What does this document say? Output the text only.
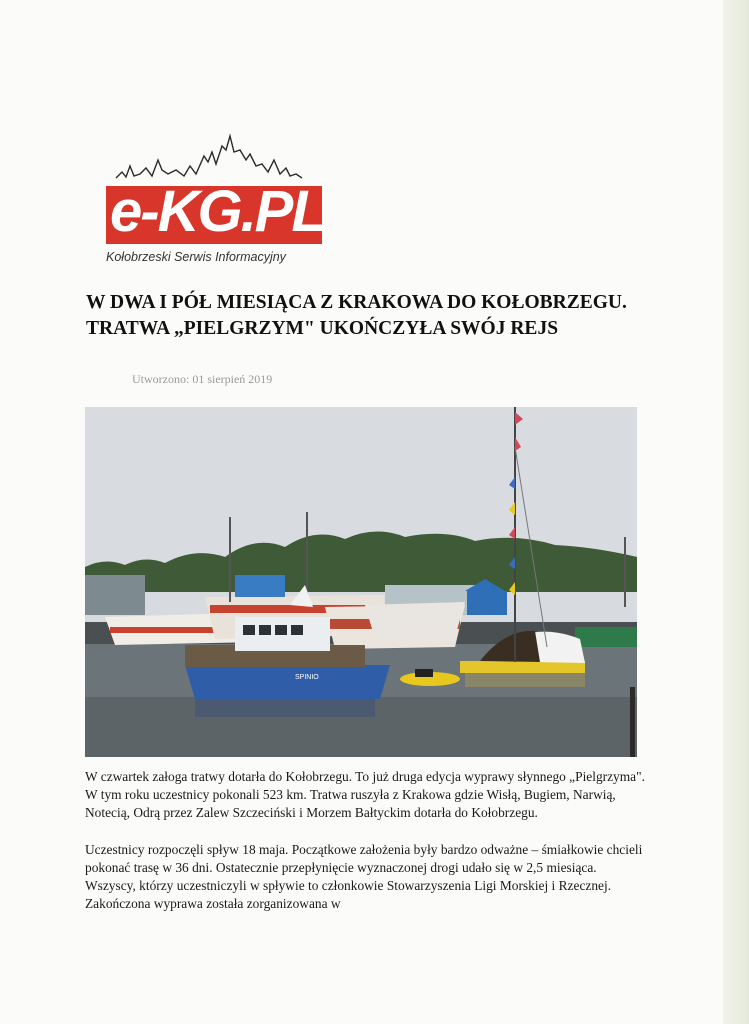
e-KG.PL
Kołobrzeski Serwis Informacyjny
W DWA I PÓŁ MIESIĄCA Z KRAKOWA DO KOŁOBRZEGU. TRATWA „PIELGRZYM" UKOŃCZYŁA SWÓJ REJS
Utworzono: 01 sierpień 2019
SPINIO

W czwartek załoga tratwy dotarła do Kołobrzegu. To już druga edycja wyprawy słynnego „Pielgrzyma". W tym roku uczestnicy pokonali 523 km. Tratwa ruszyła z Krakowa gdzie Wisłą, Bugiem, Narwią, Notecią, Odrą przez Zalew Szczeciński i Morzem Bałtyckim dotarła do Kołobrzegu.

Uczestnicy rozpoczęli spływ 18 maja. Początkowe założenia były bardzo odważne – śmiałkowie chcieli pokonać trasę w 36 dni. Ostatecznie przepłynięcie wyznaczonej drogi udało się w 2,5 miesiąca. Wszyscy, którzy uczestniczyli w spływie to członkowie Stowarzyszenia Ligi Morskiej i Rzecznej. Zakończona wyprawa została zorganizowana w
